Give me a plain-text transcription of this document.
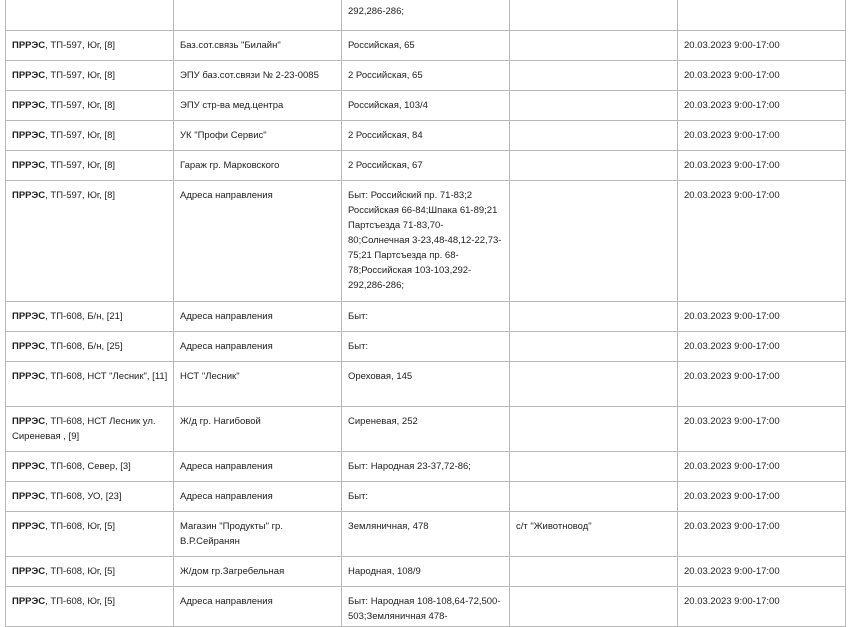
		292,286-286;		
ПРРЭС, ТП-597, Юг, [8]	Баз.сот.связь "Билайн"	Российская, 65		20.03.2023 9:00-17:00
ПРРЭС, ТП-597, Юг, [8]	ЭПУ баз.сот.связи № 2-23-0085	2 Российская, 65		20.03.2023 9:00-17:00
ПРРЭС, ТП-597, Юг, [8]	ЭПУ стр-ва мед.центра	Российская, 103/4		20.03.2023 9:00-17:00
ПРРЭС, ТП-597, Юг, [8]	УК "Профи Сервис"	2 Российская, 84		20.03.2023 9:00-17:00
ПРРЭС, ТП-597, Юг, [8]	Гараж гр. Марковского	2 Российская, 67		20.03.2023 9:00-17:00
ПРРЭС, ТП-597, Юг, [8]	Адреса направления	Быт: Российский пр. 71-83;2 Российская 66-84;Шпака 61-89;21 Партсъезда 71-83,70-80;Солнечная 3-23,48-48,12-22,73-75;21 Партсъезда пр. 68-78;Российская 103-103,292-292,286-286;		20.03.2023 9:00-17:00
ПРРЭС, ТП-608, Б/н, [21]	Адреса направления	Быт:		20.03.2023 9:00-17:00
ПРРЭС, ТП-608, Б/н, [25]	Адреса направления	Быт:		20.03.2023 9:00-17:00
ПРРЭС, ТП-608, НСТ "Лесник", [11]	НСТ "Лесник"	Ореховая, 145		20.03.2023 9:00-17:00
ПРРЭС, ТП-608, НСТ Лесник ул. Сиреневая , [9]	Ж/д гр. Нагибовой	Сиреневая, 252		20.03.2023 9:00-17:00
ПРРЭС, ТП-608, Север, [3]	Адреса направления	Быт: Народная 23-37,72-86;		20.03.2023 9:00-17:00
ПРРЭС, ТП-608, УО, [23]	Адреса направления	Быт:		20.03.2023 9:00-17:00
ПРРЭС, ТП-608, Юг, [5]	Магазин "Продукты" гр. В.Р.Сейранян	Земляничная, 478	с/т "Животновод"	20.03.2023 9:00-17:00
ПРРЭС, ТП-608, Юг, [5]	Ж/дом гр.Загребельная	Народная, 108/9		20.03.2023 9:00-17:00
ПРРЭС, ТП-608, Юг, [5]	Адреса направления	Быт: Народная 108-108,64-72,500-503;Земляничная 478-		20.03.2023 9:00-17:00
